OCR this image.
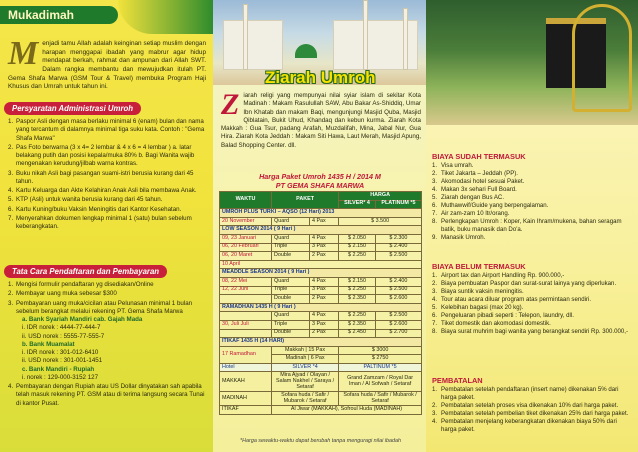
Mukadimah
Menjadi tamu Allah adalah keinginan setiap muslim dengan harapan menggapai ibadah yang mabrur agar hidup mendapat berkah, rahmat dan ampunan dari Allah SWT. Dalam rangka membantu dan mewujudkan itulah PT. Gema Shafa Marwa (GSM Tour & Travel) membuka Program Haji Khusus dan Umrah untuk tahun ini.
Persyaratan Administrasi Umroh
1. Paspor Asli dengan masa berlaku minimal 6 (enam) bulan dan nama yang tercantum di dalamnya minimal tiga suku kata. Contoh : "Gema Shafa Marwa"
2. Pas Foto berwarna (3 x 4= 2 lembar & 4 x 6 = 4 lembar ) a. latar belakang putih dan posisi kepala/muka 80% b. Bagi Wanita wajib mengenakan kerudung/jilbab warna kontras.
3. Buku nikah Asli bagi pasangan suami-istri berusia kurang dari 45 tahun.
4. Kartu Keluarga dan Akte Kelahiran Anak Asli bila membawa Anak.
5. KTP (Asli) untuk wanita berusia kurang dari 45 tahun.
6. Kartu Kuning/buku Vaksin Meningitis dari Kantor Kesehatan.
7. Menyerahkan dokumen lengkap minimal 1 (satu) bulan sebelum keberangkatan.
Tata Cara Pendaftaran dan Pembayaran
1. Mengisi formulir pendaftaran yg disediakan/Online
2. Membayar uang muka sebesar $300
3. Pembayaran uang muka/cicilan atau Pelunasan minimal 1 bulan sebelum berangkat melalui rekening PT. Gema Shafa Marwa
a. Bank Syariah Mandiri cab. Gajah Mada
i. IDR norek : 4444-77-444-7
ii. USD norek : 5555-77-555-7
b. Bank Muamalat
i. IDR norek : 301-012-6410
ii. USD norek : 301-001-1451
c. Bank Mandiri - Rupiah
i. norek : 129-000-3152 127
4. Pembayaran dengan Rupiah atau US Dollar dinyatakan sah apabila telah masuk rekening PT. GSM atau di terima langsung secara Tunai di kantor Pusat.
Ziarah Umroh
Ziarah religi yang mempunyai nilai syiar islam di sekitar Kota Madinah : Makam Rasulullah SAW, Abu Bakar As-Shiddiq, Umar Ibn Khatab dan makam Baqi, mengunjungi Masjid Quba, Masjid Qiblatain, Bukit Uhud, Khandaq dan kebun kurma. Ziarah Kota Makkah : Gua Tsur, padang Arafah, Muzdalifah, Mina, Jabal Nur, Gua Hira. Ziarah Kota Jeddah : Makam Siti Hawa, Laut Merah, Masjid Apung, Balad Shopping Center. dll.
Harga Paket Umroh 1435 H / 2014 M
PT GEMA SHAFA MARWA
WAKTU	PAKET		HARGA	
			SILVER* 4	PLATINUM *5
UMROH PLUS TURKI – AQSO (12 Hari) 2013				
20 November	Quard	4 Pax	$ 3.500	
LOW SEASON 2014 ( 9 Hari )				
09, 23 Januari	Quard	4 Pax	$ 2.050	$ 2.300
06, 20 Februari	Triple	3 Pax	$ 2.150	$ 2.400
06, 20 Maret	Double	2 Pax	$ 2.250	$ 2.500
10 April				
MEADDLE SEASON 2014 ( 9 Hari )				
08, 22 Mei	Quard	4 Pax	$ 2.150	$ 2.400
12, 22 Juni	Triple	3 Pax	$ 2.250	$ 2.500
	Double	2 Pax	$ 2.350	$ 2.600
RAMADHAN 1435 H ( 9 Hari )				
	Quard	4 Pax	$ 2.250	$ 2.500
30, Juli Juli	Triple	3 Pax	$ 2.350	$ 2.600
	Double	2 Pax	$ 2.450	$ 2.700
ITIKAF 1435 H (14 HARI)				
17 Ramadhan	Makkah | 15 Pax		$ 3000	
	Madinah | 6 Pax		$ 2750	
Hotel	SILVER *4		PALTINUM *5	
MAKKAH	Mira Ajyad / Olayan / Salam Nakhel / Saraya / Setaraf		Grand Zamzam / Royal Dar Iman / Al Sofwah / Setaraf	
MADINAH	Sofara huda / Safir / Mubarok / Setaraf		Sofara huda / Safir / Mubarok / Setaraf	
ITIKAF	Al Jiwar (MAKKAH), Sofroul Huda (MADINAH)			
*Harga sewaktu-waktu dapat berubah tanpa menguragi nilai ibadah
BIAYA SUDAH TERMASUK
1. Visa umrah.
2. Tiket Jakarta – Jeddah (PP).
3. Akomodasi hotel sesuai Paket.
4. Makan 3x sehari Full Board.
5. Ziarah dengan Bus AC.
6. Muthawwif/Guide yang berpengalaman.
7. Air zam-zam 10 ltr/orang.
8. Perlengkapan Umroh : Koper, Kain Ihram/mukena, bahan seragam batik, buku manasik dan Do'a.
9. Manasik Umroh.
BIAYA BELUM TERMASUK
1. Airport tax dan Airport Handling Rp. 900.000,-
2. Biaya pembuatan Paspor dan surat-surat lainya yang diperlukan.
3. Biaya suntik vaksin meningitis.
4. Tour atau acara diluar program atas permintaan sendiri.
5. Kelebihan bagasi (max 20 kg).
6. Pengeluaran pibadi seperti : Telepon, laundry, dll.
7. Tiket domestik dan akomodasi domestik.
8. Biaya surat muhrim bagi wanita yang berangkat sendiri Rp. 300.000,-
PEMBATALAN
1. Pembatalan setelah pendaftaran (insert name) dikenakan 5% dari harga paket.
2. Pembatalan setelah proses visa dikenakan 10% dari harga paket.
3. Pembatalan setelah pembelian tiket dikenakan 25% dari harga paket.
4. Pembatalan menjelang keberangkatan dikenakan biaya 50% dari harga paket.
